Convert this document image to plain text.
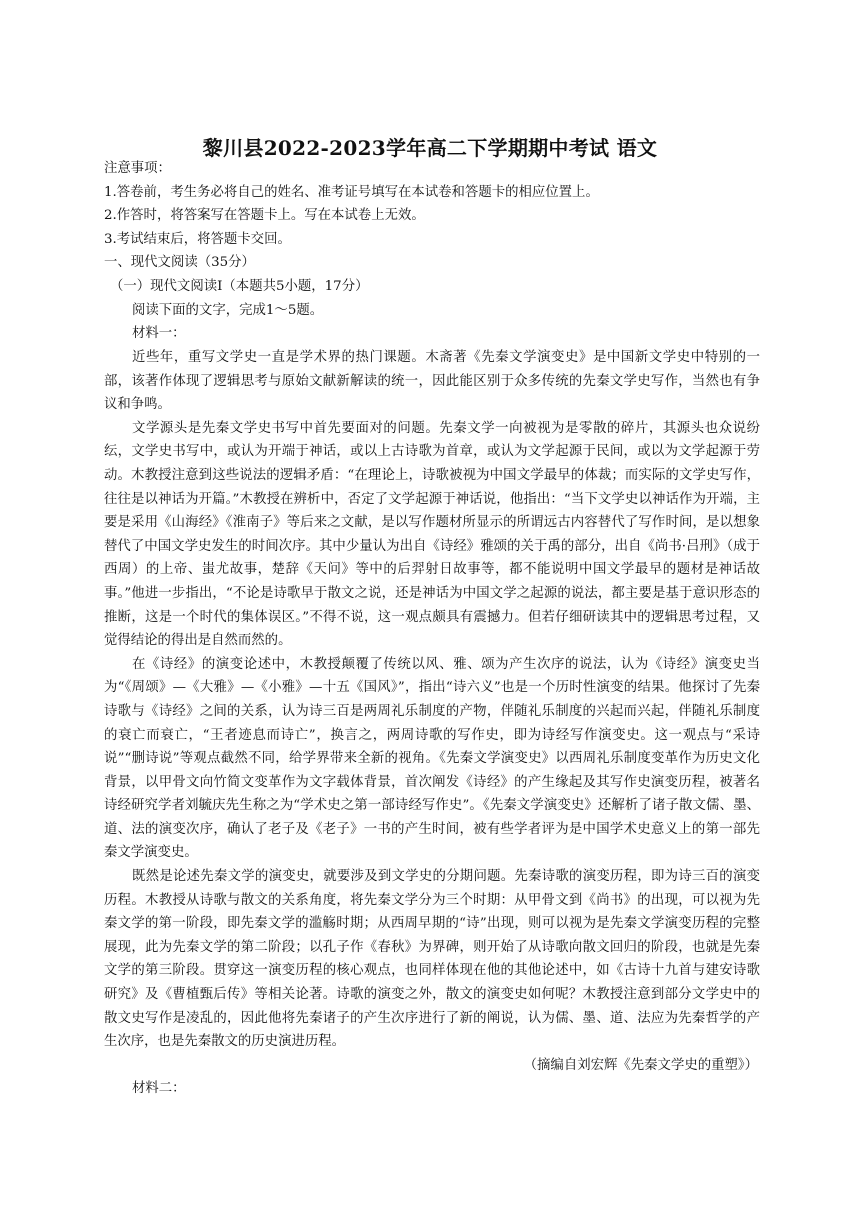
黎川县2022-2023学年高二下学期期中考试 语文

注意事项：

1.答卷前，考生务必将自己的姓名、准考证号填写在本试卷和答题卡的相应位置上。

2.作答时，将答案写在答题卡上。写在本试卷上无效。

3.考试结束后，将答题卡交回。

一、现代文阅读（35分）

（一）现代文阅读Ⅰ（本题共5小题，17分）

阅读下面的文字，完成1～5题。

材料一：

近些年，重写文学史一直是学术界的热门课题。木斋著《先秦文学演变史》是中国新文学史中特别的一部，该著作体现了逻辑思考与原始文献新解读的统一，因此能区别于众多传统的先秦文学史写作，当然也有争议和争鸣。

文学源头是先秦文学史书写中首先要面对的问题。先秦文学一向被视为是零散的碎片，其源头也众说纷纭，文学史书写中，或认为开端于神话，或以上古诗歌为首章，或认为文学起源于民间，或以为文学起源于劳动。木教授注意到这些说法的逻辑矛盾：“在理论上，诗歌被视为中国文学最早的体裁；而实际的文学史写作，往往是以神话为开篇。”木教授在辨析中，否定了文学起源于神话说，他指出：“当下文学史以神话作为开端，主要是采用《山海经》《淮南子》等后来之文献，是以写作题材所显示的所谓远古内容替代了写作时间，是以想象替代了中国文学史发生的时间次序。其中少量认为出自《诗经》雅颂的关于禹的部分，出自《尚书·吕刑》（成于西周）的上帝、蚩尤故事，楚辞《天问》等中的后羿射日故事等，都不能说明中国文学最早的题材是神话故事。”他进一步指出，“不论是诗歌早于散文之说，还是神话为中国文学之起源的说法，都主要是基于意识形态的推断，这是一个时代的集体误区。”不得不说，这一观点颇具有震撼力。但若仔细研读其中的逻辑思考过程，又觉得结论的得出是自然而然的。

在《诗经》的演变论述中，木教授颠覆了传统以风、雅、颂为产生次序的说法，认为《诗经》演变史当为“《周颂》—《大雅》—《小雅》—十五《国风》”，指出“诗六义”也是一个历时性演变的结果。他探讨了先秦诗歌与《诗经》之间的关系，认为诗三百是两周礼乐制度的产物，伴随礼乐制度的兴起而兴起，伴随礼乐制度的衰亡而衰亡，“王者迹息而诗亡”，换言之，两周诗歌的写作史，即为诗经写作演变史。这一观点与“采诗说”“删诗说”等观点截然不同，给学界带来全新的视角。《先秦文学演变史》以西周礼乐制度变革作为历史文化背景，以甲骨文向竹简文变革作为文字载体背景，首次阐发《诗经》的产生缘起及其写作史演变历程，被著名诗经研究学者刘毓庆先生称之为“学术史之第一部诗经写作史”。《先秦文学演变史》还解析了诸子散文儒、墨、道、法的演变次序，确认了老子及《老子》一书的产生时间，被有些学者评为是中国学术史意义上的第一部先秦文学演变史。

既然是论述先秦文学的演变史，就要涉及到文学史的分期问题。先秦诗歌的演变历程，即为诗三百的演变历程。木教授从诗歌与散文的关系角度，将先秦文学分为三个时期：从甲骨文到《尚书》的出现，可以视为先秦文学的第一阶段，即先秦文学的滥觞时期；从西周早期的“诗”出现，则可以视为是先秦文学演变历程的完整展现，此为先秦文学的第二阶段；以孔子作《春秋》为界碑，则开始了从诗歌向散文回归的阶段，也就是先秦文学的第三阶段。贯穿这一演变历程的核心观点，也同样体现在他的其他论述中，如《古诗十九首与建安诗歌研究》及《曹植甄后传》等相关论著。诗歌的演变之外，散文的演变史如何呢？木教授注意到部分文学史中的散文史写作是凌乱的，因此他将先秦诸子的产生次序进行了新的阐说，认为儒、墨、道、法应为先秦哲学的产生次序，也是先秦散文的历史演进历程。

（摘编自刘宏辉《先秦文学史的重塑》）

材料二：
